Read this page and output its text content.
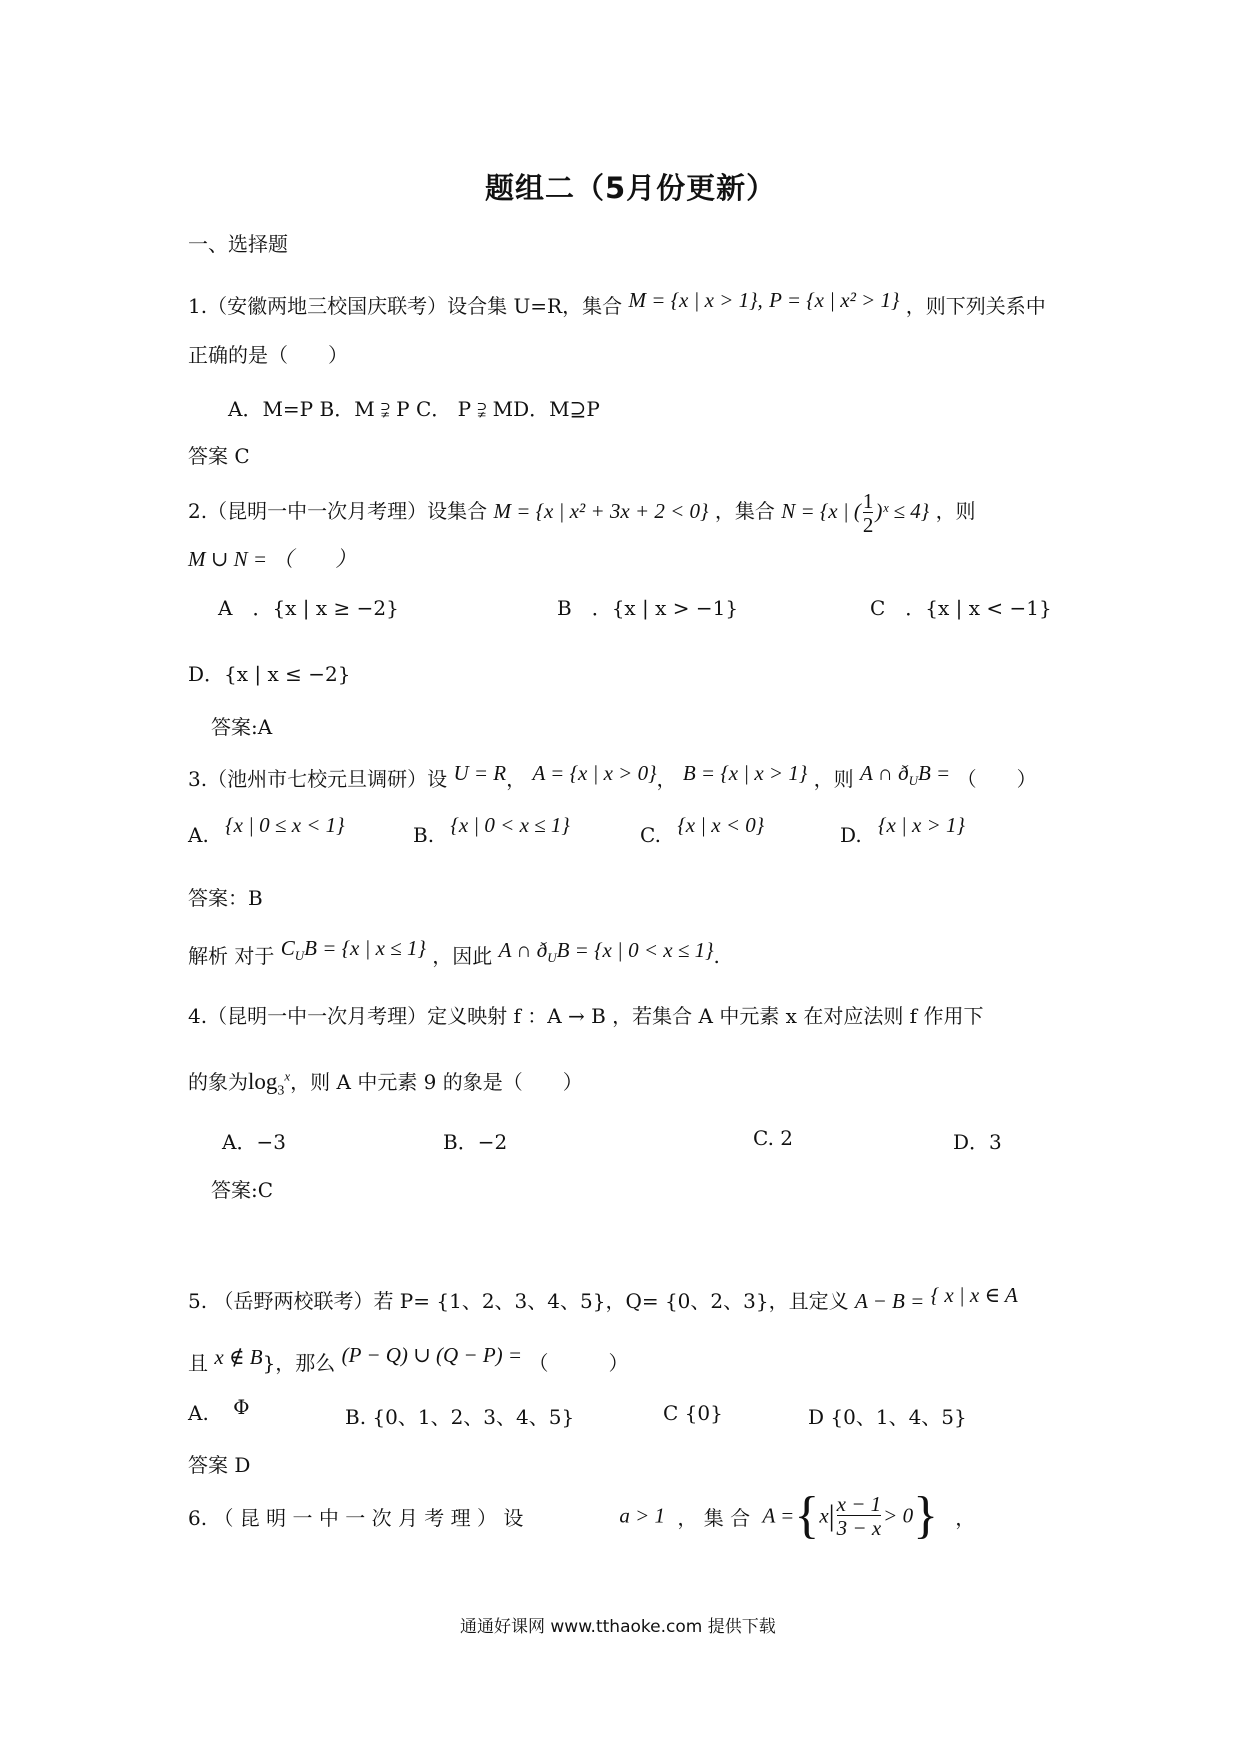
题组二（5月份更新）
一、选择题
1.（安徽两地三校国庆联考）设合集 U=R，集合 M = {x | x > 1}, P = {x | x² > 1} ，则下列关系中
正确的是（　　）
A．M=P B．M ⫌ P C． P ⫌ MD．M⊇P
答案 C
2.（昆明一中一次月考理）设集合 M = {x | x² + 3x + 2 < 0} ，集合 N = {x | ( $\frac{1}{2}$ )ˣ ≤ 4} ，则
M ∪ N = （　　）
A　．{x | x ≥ −2}	B　．{x | x > −1}	C　．{x | x < −1}
D．{x | x ≤ −2}
答案:A
3.（池州市七校元旦调研）设 U = R， A = {x | x > 0}， B = {x | x > 1} ，则 A ∩ $ð_UB$ = （　　）
A. {x | 0 ≤ x < 1}	B. {x | 0 < x ≤ 1}	C. {x | x < 0}	D. {x | x > 1}
答案：B
解析 对于 $C_UB = \{x$ | x ≤ 1} ，因此 A ∩ $ð_UB = \{x$ | 0 < x ≤ 1}.
4.（昆明一中一次月考理）定义映射 f ：A → B ，若集合 A 中元素 x 在对应法则 f 作用下
的象为$\log_3^x$，则 A 中元素 9 的象是（　　）
A．−3	B．−2	C. 2	D．3
答案:C
5. （岳野两校联考）若 P= {1、2、3、4、5}，Q= {0、2、3}，且定义 A − B = { x | x ∈ A
且 x ∉ B}，那么 (P − Q) ∪ (Q − P) = （　　　）
A. Φ	B. {0、1、2、3、4、5}	C {0}	D {0、1、4、5}
答案 D
6. （ 昆 明 一 中 一 次 月 考 理 ） 设	a > 1 ， 集 合 $A =\{x| \frac{x - 1}{3 - x} > 0\}$ ，
通通好课网 www.tthaoke.com 提供下载
